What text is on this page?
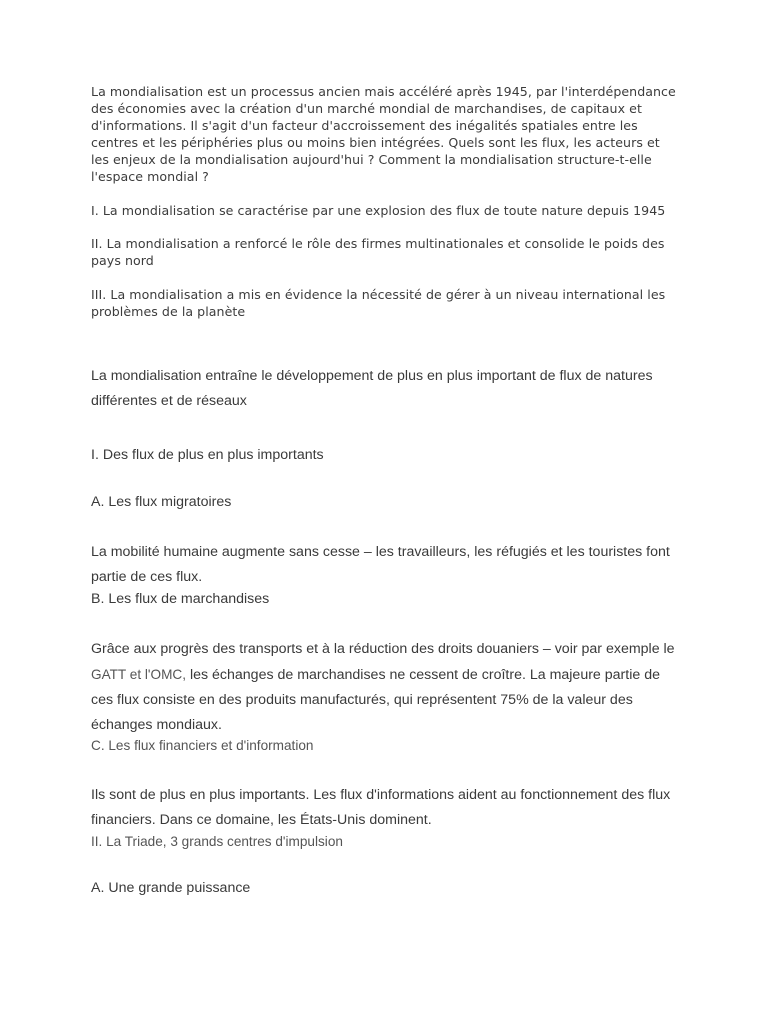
La mondialisation est un processus ancien mais accéléré après 1945, par l'interdépendance
des économies avec la création d'un marché mondial de marchandises, de capitaux et
d'informations. Il s'agit d'un facteur d'accroissement des inégalités spatiales entre les
centres et les périphéries plus ou moins bien intégrées. Quels sont les flux, les acteurs et
les enjeux de la mondialisation aujourd'hui ? Comment la mondialisation structure-t-elle
l'espace mondial ?

I. La mondialisation se caractérise par une explosion des flux de toute nature depuis 1945

II. La mondialisation a renforcé le rôle des firmes multinationales et consolide le poids des
pays nord

III. La mondialisation a mis en évidence la nécessité de gérer à un niveau international les
problèmes de la planète

La mondialisation entraîne le développement de plus en plus important de flux de natures
différentes et de réseaux

I. Des flux de plus en plus importants

A. Les flux migratoires

La mobilité humaine augmente sans cesse – les travailleurs, les réfugiés et les touristes font
partie de ces flux.

B. Les flux de marchandises

Grâce aux progrès des transports et à la réduction des droits douaniers – voir par exemple le
GATT et l'OMC, les échanges de marchandises ne cessent de croître. La majeure partie de
ces flux consiste en des produits manufacturés, qui représentent 75% de la valeur des
échanges mondiaux.

C. Les flux financiers et d'information

Ils sont de plus en plus importants. Les flux d'informations aident au fonctionnement des flux
financiers. Dans ce domaine, les États-Unis dominent.

II. La Triade, 3 grands centres d'impulsion

A. Une grande puissance
